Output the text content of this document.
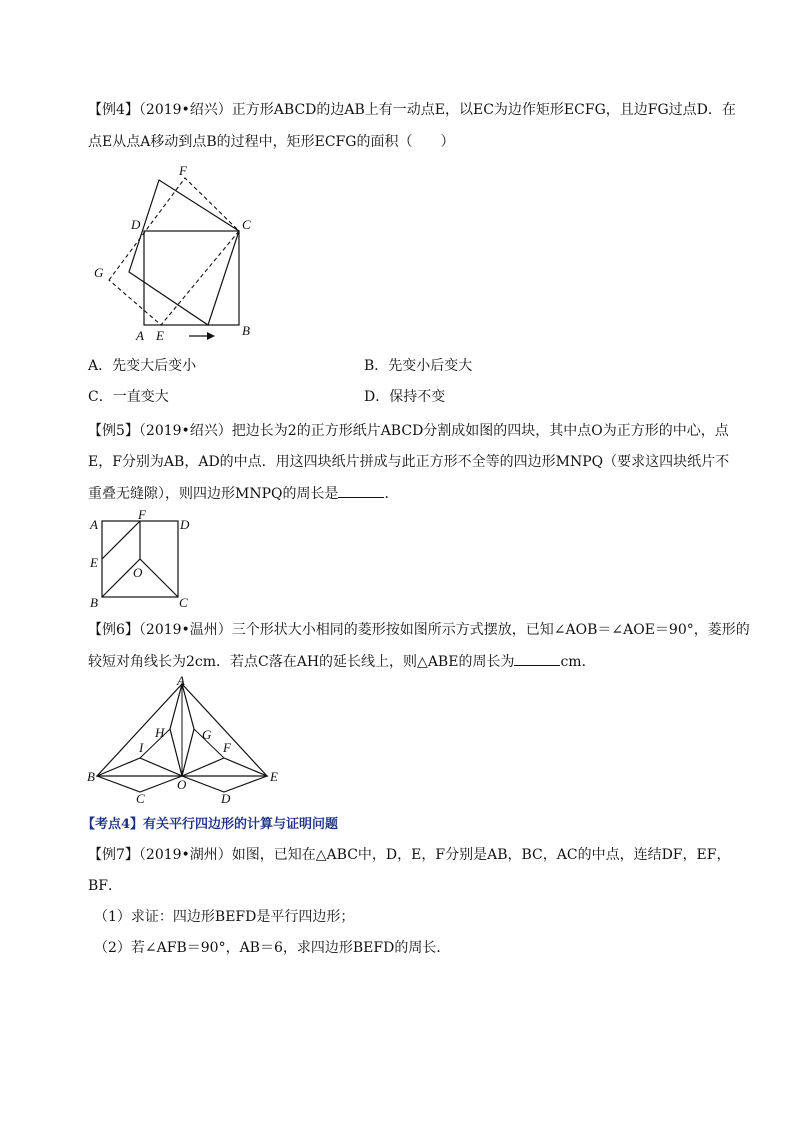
【例4】（2019•绍兴）正方形ABCD的边AB上有一动点E，以EC为边作矩形ECFG，且边FG过点D．在
点E从点A移动到点B的过程中，矩形ECFG的面积（　　）
F
D	C
G
A E	B
A．先变大后变小	B．先变小后变大
C．一直变大	D．保持不变
【例5】（2019•绍兴）把边长为2的正方形纸片ABCD分割成如图的四块，其中点O为正方形的中心，点
E，F分别为AB，AD的中点．用这四块纸片拼成与此正方形不全等的四边形MNPQ（要求这四块纸片不
重叠无缝隙），则四边形MNPQ的周长是	．
A
F
D
E
O
B	C
【例6】（2019•温州）三个形状大小相同的菱形按如图所示方式摆放，已知∠AOB＝∠AOE＝90°，菱形的
较短对角线长为2cm．若点C落在AH的延长线上，则△ABE的周长为	cm．
A
H	G
I	F
B
O
E
C	D
【考点4】有关平行四边形的计算与证明问题
【例7】（2019•湖州）如图，已知在△ABC中，D，E，F分别是AB，BC，AC的中点，连结DF，EF，
BF．
（1）求证：四边形BEFD是平行四边形；
（2）若∠AFB＝90°，AB＝6，求四边形BEFD的周长．
